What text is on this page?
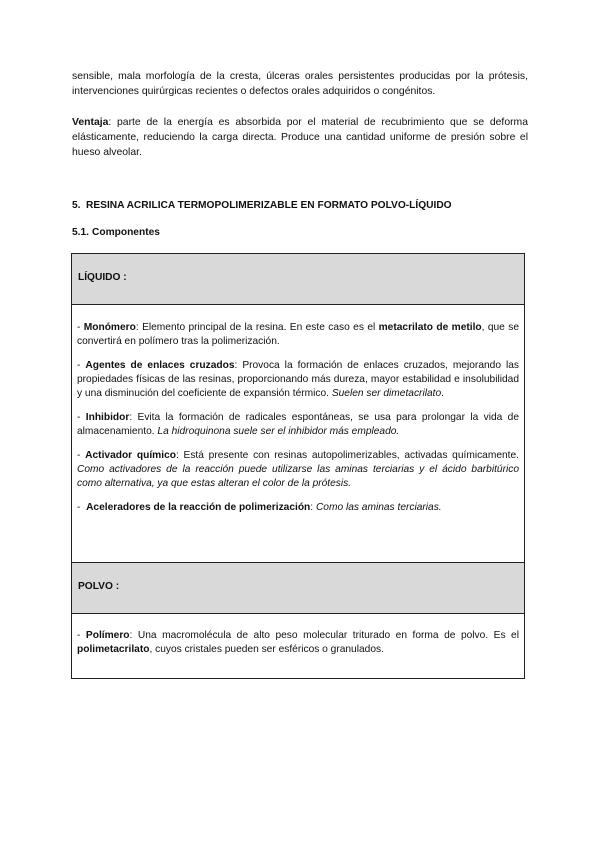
sensible, mala morfología de la cresta, úlceras orales persistentes producidas por la prótesis, intervenciones quirúrgicas recientes o defectos orales adquiridos o congénitos.

Ventaja: parte de la energía es absorbida por el material de recubrimiento que se deforma elásticamente, reduciendo la carga directa. Produce una cantidad uniforme de presión sobre el hueso alveolar.

5. RESINA ACRILICA TERMOPOLIMERIZABLE EN FORMATO POLVO-LÍQUIDO

5.1. Componentes

LÍQUIDO :

- Monómero: Elemento principal de la resina. En este caso es el metacrilato de metilo, que se convertirá en polímero tras la polimerización.

- Agentes de enlaces cruzados: Provoca la formación de enlaces cruzados, mejorando las propiedades físicas de las resinas, proporcionando más dureza, mayor estabilidad e insolubilidad y una disminución del coeficiente de expansión térmico. Suelen ser dimetacrilato.

- Inhibidor: Evita la formación de radicales espontáneas, se usa para prolongar la vida de almacenamiento. La hidroquinona suele ser el inhibidor más empleado.

- Activador químico: Está presente con resinas autopolimerizables, activadas químicamente. Como activadores de la reacción puede utilizarse las aminas terciarias y el ácido barbitúrico como alternativa, ya que estas alteran el color de la prótesis.

-  Aceleradores de la reacción de polimerización: Como las aminas terciarias.

POLVO :

- Polímero: Una macromolécula de alto peso molecular triturado en forma de polvo. Es el polimetacrilato, cuyos cristales pueden ser esféricos o granulados.
